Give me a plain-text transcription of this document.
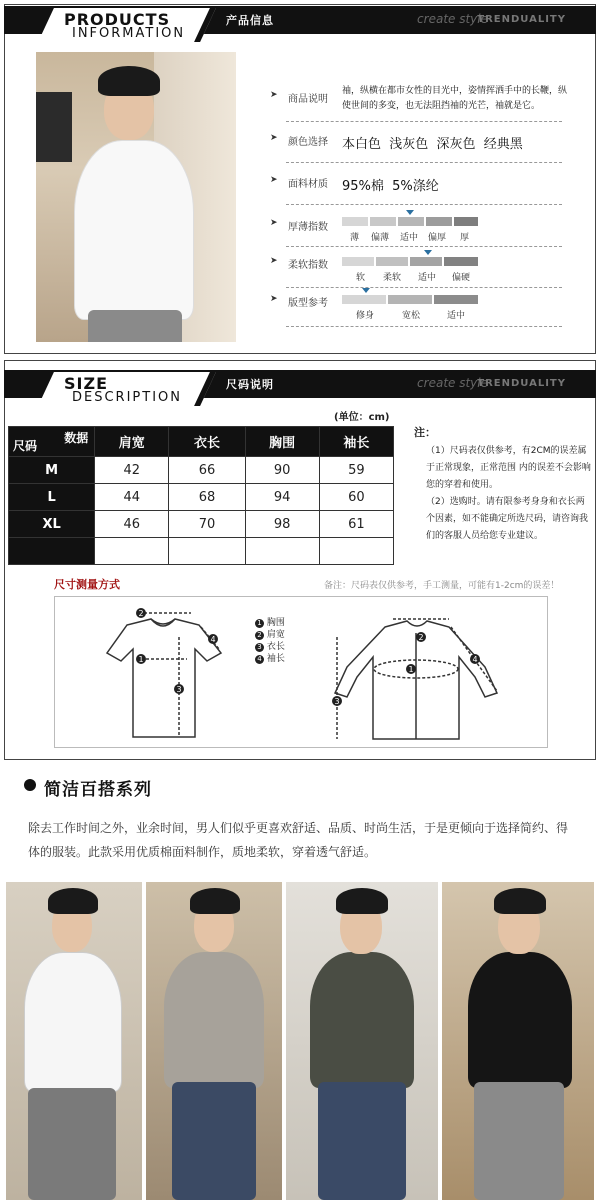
PRODUCTS
INFORMATION
产品信息	create style
TRENDUALITY
➤ 商品说明
袖，纵横在都市女性的目光中，姿情挥洒手中的长鞭，纵使世间的多变，也无法阻挡袖的光芒，袖就是它。
➤ 颜色选择 本白色  浅灰色  深灰色  经典黑
➤ 面料材质 95%棉  5%涤纶
➤ 厚薄指数
薄 偏薄 适中 偏厚 厚
➤ 柔软指数
软 柔软 适中 偏硬
➤ 版型参考
修身	宽松	适中
SIZE
DESCRIPTION
尺码说明	create style
TRENDUALITY
(单位：cm)
数据
尺码	肩宽	衣长	胸围	袖长
M	42	66	90	59
L	44	68	94	60
XL	46	70	98	61

注：
（1）尺码表仅供参考，有2CM的误差属于正常现象，正常范围 内的误差不会影响您的穿着和使用。
（2）选购时。请有限参考身身和衣长两个因素，如不能确定所选尺码，请咨询我们的客服人员给您专业建议。
尺寸测量方式	备注：尺码表仅供参考，手工测量，可能有1-2cm的误差！
2
1
3
4	2
1
3
4
1 胸围
2 肩宽
3 衣长
4 袖长
简洁百搭系列
除去工作时间之外，业余时间，男人们似乎更喜欢舒适、品质、时尚生活，于是更倾向于选择简约、得体的服装。此款采用优质棉面料制作，质地柔软，穿着透气舒适。
